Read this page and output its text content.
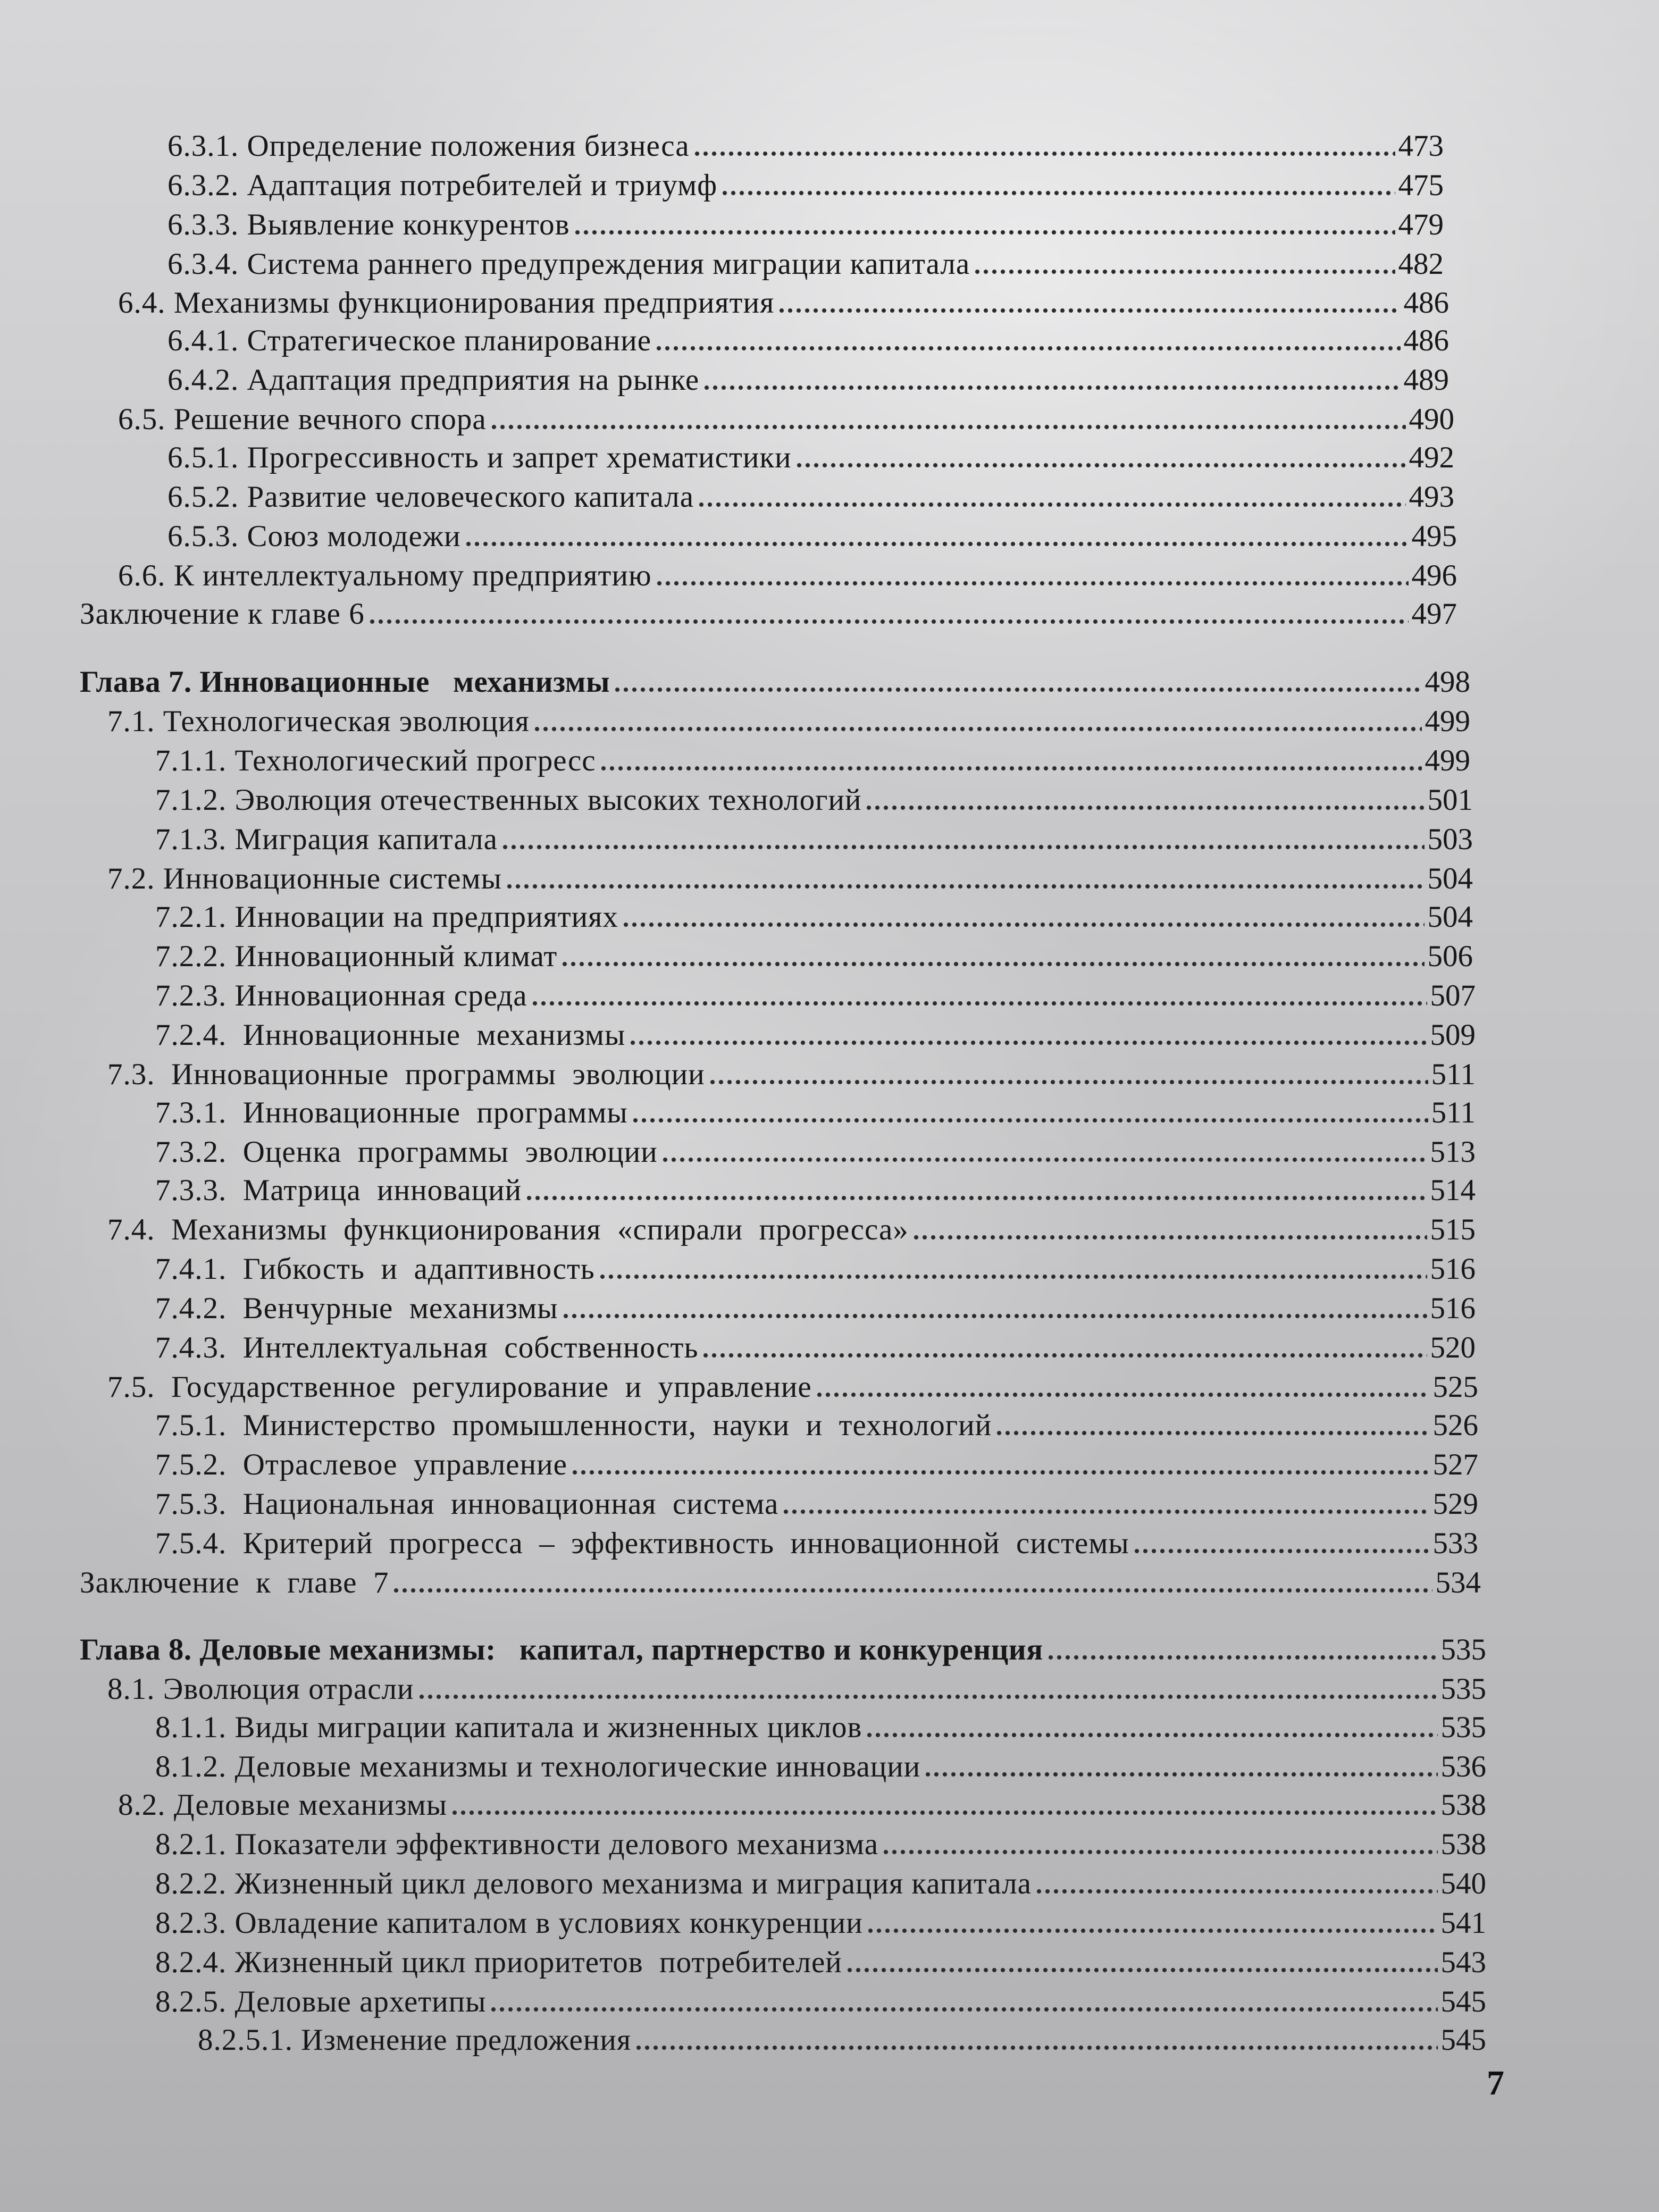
6.3.1. Определение положения бизнеса	473
6.3.2. Адаптация потребителей и триумф	475
6.3.3. Выявление конкурентов	479
6.3.4. Система раннего предупреждения миграции капитала	482
6.4. Механизмы функционирования предприятия	486
6.4.1. Стратегическое планирование	486
6.4.2. Адаптация предприятия на рынке	489
6.5. Решение вечного спора	490
6.5.1. Прогрессивность и запрет хрематистики	492
6.5.2. Развитие человеческого капитала	493
6.5.3. Союз молодежи	495
6.6. К интеллектуальному предприятию	496
Заключение к главе 6	497
Глава 7. Инновационные   механизмы	498
7.1. Технологическая эволюция	499
7.1.1. Технологический прогресс	499
7.1.2. Эволюция отечественных высоких технологий	501
7.1.3. Миграция капитала	503
7.2. Инновационные системы	504
7.2.1. Инновации на предприятиях	504
7.2.2. Инновационный климат	506
7.2.3. Инновационная среда	507
7.2.4.  Инновационные  механизмы	509
7.3.  Инновационные  программы  эволюции	511
7.3.1.  Инновационные  программы	511
7.3.2.  Оценка  программы  эволюции	513
7.3.3.  Матрица  инноваций	514
7.4.  Механизмы  функционирования  «спирали  прогресса»	515
7.4.1.  Гибкость  и  адаптивность	516
7.4.2.  Венчурные  механизмы	516
7.4.3.  Интеллектуальная  собственность	520
7.5.  Государственное  регулирование  и  управление	525
7.5.1.  Министерство  промышленности,  науки  и  технологий	526
7.5.2.  Отраслевое  управление	527
7.5.3.  Национальная  инновационная  система	529
7.5.4.  Критерий  прогресса  –  эффективность  инновационной  системы	533
Заключение  к  главе  7	534
Глава 8. Деловые механизмы:   капитал, партнерство и конкуренция	535
8.1. Эволюция отрасли	535
8.1.1. Виды миграции капитала и жизненных циклов	535
8.1.2. Деловые механизмы и технологические инновации	536
8.2. Деловые механизмы	538
8.2.1. Показатели эффективности делового механизма	538
8.2.2. Жизненный цикл делового механизма и миграция капитала	540
8.2.3. Овладение капиталом в условиях конкуренции	541
8.2.4. Жизненный цикл приоритетов  потребителей	543
8.2.5. Деловые архетипы	545
8.2.5.1. Изменение предложения	545
7
